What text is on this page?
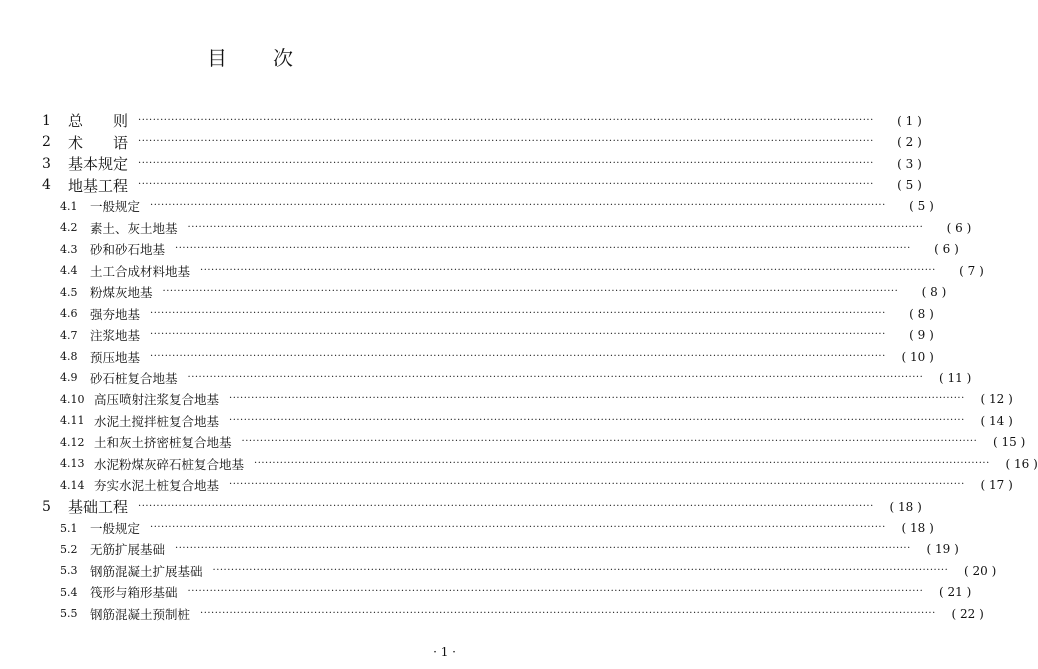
目 次
1	总　　则 ········································································································································································································	( 1 )
2	术　　语 ········································································································································································································	( 2 )
3	基本规定 ········································································································································································································	( 3 )
4	地基工程 ········································································································································································································	( 5 )
4.1	一般规定 ········································································································································································································	( 5 )
4.2	素土、灰土地基 ········································································································································································································	( 6 )
4.3	砂和砂石地基 ········································································································································································································	( 6 )
4.4	土工合成材料地基 ········································································································································································································	( 7 )
4.5	粉煤灰地基 ········································································································································································································	( 8 )
4.6	强夯地基 ········································································································································································································	( 8 )
4.7	注浆地基 ········································································································································································································	( 9 )
4.8	预压地基 ········································································································································································································	( 10 )
4.9	砂石桩复合地基 ········································································································································································································	( 11 )
4.10 高压喷射注浆复合地基 ········································································································································································································	( 12 )
4.11 水泥土搅拌桩复合地基 ········································································································································································································	( 14 )
4.12 土和灰土挤密桩复合地基 ········································································································································································································	( 15 )
4.13 水泥粉煤灰碎石桩复合地基 ········································································································································································································	( 16 )
4.14 夯实水泥土桩复合地基 ········································································································································································································	( 17 )
5	基础工程 ········································································································································································································	( 18 )
5.1	一般规定 ········································································································································································································	( 18 )
5.2	无筋扩展基础 ········································································································································································································	( 19 )
5.3	钢筋混凝土扩展基础 ········································································································································································································	( 20 )
5.4	筏形与箱形基础 ········································································································································································································	( 21 )
5.5	钢筋混凝土预制桩 ········································································································································································································	( 22 )
· 1 ·
